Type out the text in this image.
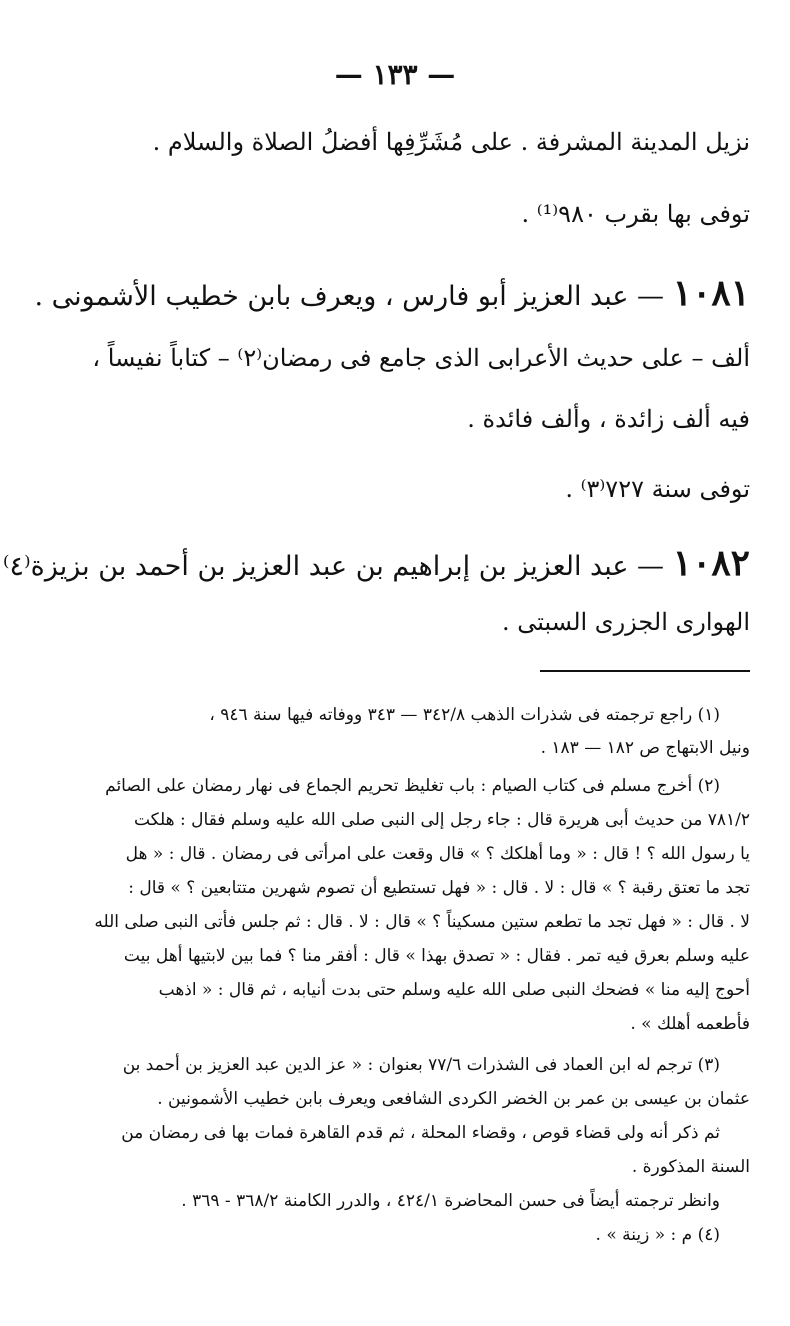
— ١٣٣ —
نزيل المدينة المشرفة . على مُشَرِّفِها أفضلُ الصلاة والسلام .
توفى بها بقرب ٩٨٠⁽¹⁾ .
١٠٨١ — عبد العزيز أبو فارس ، ويعرف بابن خطيب الأشمونى .
ألف – على حديث الأعرابى الذى جامع فى رمضان⁽٢⁾ – كتاباً نفيساً ،
فيه ألف زائدة ، وألف فائدة .
توفى سنة ٧٢٧⁽٣⁾ .
١٠٨٢ — عبد العزيز بن إبراهيم بن عبد العزيز بن أحمد بن بزيزة⁽٤⁾
الهوارى الجزرى السبتى .
(١) راجع ترجمته فى شذرات الذهب ٣٤٢/٨ — ٣٤٣ ووفاته فيها سنة ٩٤٦ ،
ونيل الابتهاج ص ١٨٢ — ١٨٣ .
(٢) أخرج مسلم فى كتاب الصيام : باب تغليظ تحريم الجماع فى نهار رمضان على الصائم
٧٨١/٢ من حديث أبى هريرة قال : جاء رجل إلى النبى صلى الله عليه وسلم فقال : هلكت
يا رسول الله ؟ ! قال : « وما أهلكك ؟ » قال وقعت على امرأتى فى رمضان . قال : « هل
تجد ما تعتق رقبة ؟ » قال : لا . قال : « فهل تستطيع أن تصوم شهرين متتابعين ؟ » قال :
لا . قال : « فهل تجد ما تطعم ستين مسكيناً ؟ » قال : لا . قال : ثم جلس فأتى النبى صلى الله
عليه وسلم بعرق فيه تمر . فقال : « تصدق بهذا » قال : أفقر منا ؟ فما بين لابتيها أهل بيت
أحوج إليه منا » فضحك النبى صلى الله عليه وسلم حتى بدت أنيابه ، ثم قال : « اذهب
فأطعمه أهلك » .
(٣) ترجم له ابن العماد فى الشذرات ٧٧/٦ بعنوان : « عز الدين عبد العزيز بن أحمد بن
عثمان بن عيسى بن عمر بن الخضر الكردى الشافعى ويعرف بابن خطيب الأشمونين .
ثم ذكر أنه ولى قضاء قوص ، وقضاء المحلة ، ثم قدم القاهرة فمات بها فى رمضان من
السنة المذكورة .
وانظر ترجمته أيضاً فى حسن المحاضرة ٤٢٤/١ ، والدرر الكامنة ٣٦٨/٢ - ٣٦٩ .
(٤) م : « زينة » .
